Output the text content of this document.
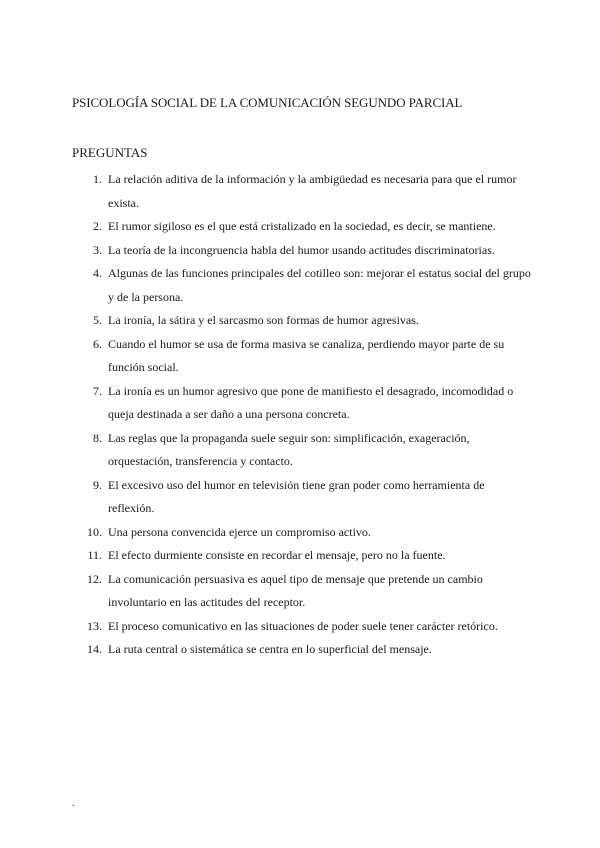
PSICOLOGÍA SOCIAL DE LA COMUNICACIÓN SEGUNDO PARCIAL
PREGUNTAS
1. La relación aditiva de la información y la ambigüedad es necesaria para que el rumor exista.
2. El rumor sigiloso es el que está cristalizado en la sociedad, es decir, se mantiene.
3. La teoría de la incongruencia habla del humor usando actitudes discriminatorias.
4. Algunas de las funciones principales del cotilleo son: mejorar el estatus social del grupo y de la persona.
5. La ironía, la sátira y el sarcasmo son formas de humor agresivas.
6. Cuando el humor se usa de forma masiva se canaliza, perdiendo mayor parte de su función social.
7. La ironía es un humor agresivo que pone de manifiesto el desagrado, incomodidad o queja destinada a ser daño a una persona concreta.
8. Las reglas que la propaganda suele seguir son: simplificación, exageración, orquestación, transferencia y contacto.
9. El excesivo uso del humor en televisión tiene gran poder como herramienta de reflexión.
10. Una persona convencida ejerce un compromiso activo.
11. El efecto durmiente consiste en recordar el mensaje, pero no la fuente.
12. La comunicación persuasiva es aquel tipo de mensaje que pretende un cambio involuntario en las actitudes del receptor.
13. El proceso comunicativo en las situaciones de poder suele tener carácter retórico.
14. La ruta central o sistemática se centra en lo superficial del mensaje.
.
